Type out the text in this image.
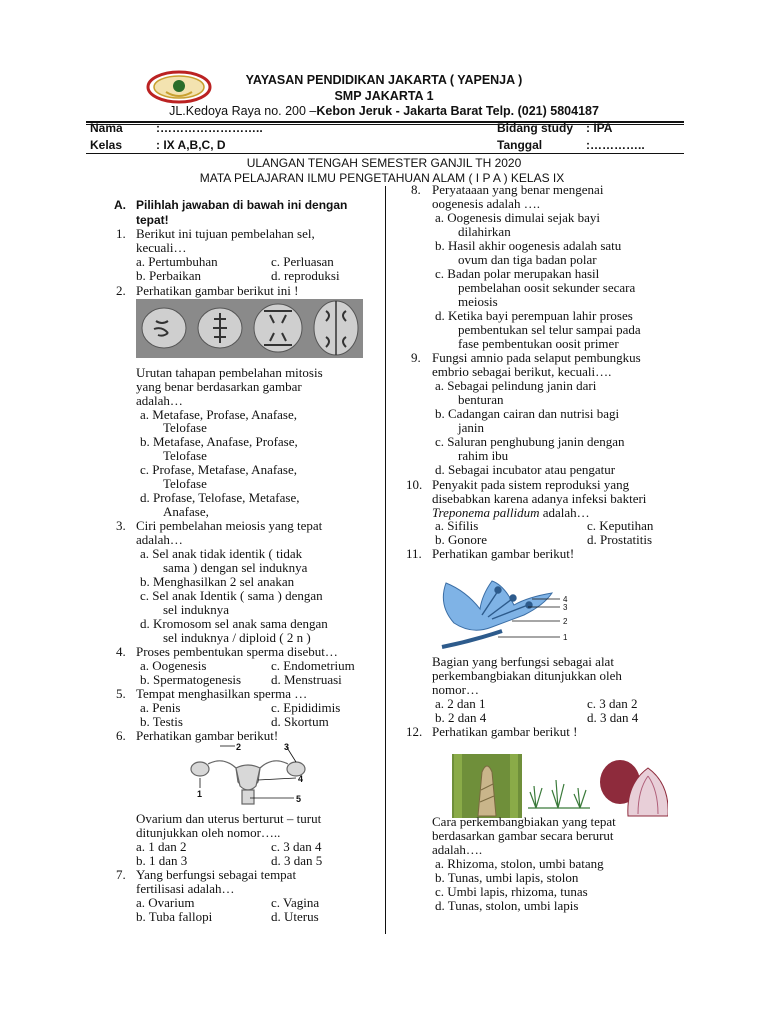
YAYASAN PENDIDIKAN JAKARTA ( YAPENJA )
SMP JAKARTA 1
JL.Kedoya Raya no. 200 –Kebon Jeruk - Jakarta Barat Telp. (021) 5804187
Nama	:……………………..
Kelas	: IX A,B,C, D
Bidang study : IPA
Tanggal	:…………..
ULANGAN TENGAH SEMESTER GANJIL TH 2020
MATA PELAJARAN ILMU PENGETAHUAN ALAM ( I P A ) KELAS IX
A. Pilihlah jawaban di bawah ini dengan
tepat!
1. Berikut ini tujuan pembelahan sel,
kecuali…
a. Pertumbuhan	c. Perluasan
b. Perbaikan	d. reproduksi
2. Perhatikan gambar berikut ini !
Urutan tahapan pembelahan mitosis
yang benar berdasarkan gambar
adalah…
a. Metafase, Profase, Anafase,
Telofase
b. Metafase, Anafase, Profase,
Telofase
c. Profase, Metafase, Anafase,
Telofase
d. Profase, Telofase, Metafase,
Anafase,
3. Ciri pembelahan meiosis yang tepat
adalah…
a. Sel anak tidak identik ( tidak
sama ) dengan sel induknya
b. Menghasilkan 2 sel anakan
c. Sel anak Identik ( sama ) dengan
sel induknya
d. Kromosom sel anak sama dengan
sel induknya / diploid ( 2 n )
4. Proses pembentukan sperma disebut…
a. Oogenesis	c. Endometrium
b. Spermatogenesis d. Menstruasi
5. Tempat menghasilkan sperma …
a. Penis	c. Epididimis
b. Testis	d. Skortum
6. Perhatikan gambar berikut!
2	3
4
1	5
Ovarium dan uterus berturut – turut
ditunjukkan oleh nomor…..
a. 1 dan 2	c. 3 dan 4
b. 1 dan 3	d. 3 dan 5
7. Yang berfungsi sebagai tempat
fertilisasi adalah…
a. Ovarium	c. Vagina
b. Tuba fallopi	d. Uterus
8. Peryataaan yang benar mengenai
oogenesis adalah ….
a. Oogenesis dimulai sejak bayi
dilahirkan
b. Hasil akhir oogenesis adalah satu
ovum dan tiga badan polar
c. Badan polar merupakan hasil
pembelahan oosit sekunder secara
meiosis
d. Ketika bayi perempuan lahir proses
pembentukan sel telur sampai pada
fase pembentukan oosit primer
9. Fungsi amnio pada selaput pembungkus
embrio sebagai berikut, kecuali….
a. Sebagai pelindung janin dari
benturan
b. Cadangan cairan dan nutrisi bagi
janin
c. Saluran penghubung janin dengan
rahim ibu
d. Sebagai incubator atau pengatur
10. Penyakit pada sistem reproduksi yang
disebabkan karena adanya infeksi bakteri
Treponema pallidum adalah…
a. Sifilis	c. Keputihan
b. Gonore	d. Prostatitis
11. Perhatikan gambar berikut!
4
3
2
1
Bagian yang berfungsi sebagai alat
perkembangbiakan ditunjukkan oleh
nomor…
a. 2 dan 1	c. 3 dan 2
b. 2 dan 4	d. 3 dan 4
12. Perhatikan gambar berikut !
Cara perkembangbiakan yang tepat
berdasarkan gambar secara berurut
adalah….
a. Rhizoma, stolon, umbi batang
b. Tunas, umbi lapis, stolon
c. Umbi lapis, rhizoma, tunas
d. Tunas, stolon, umbi lapis
